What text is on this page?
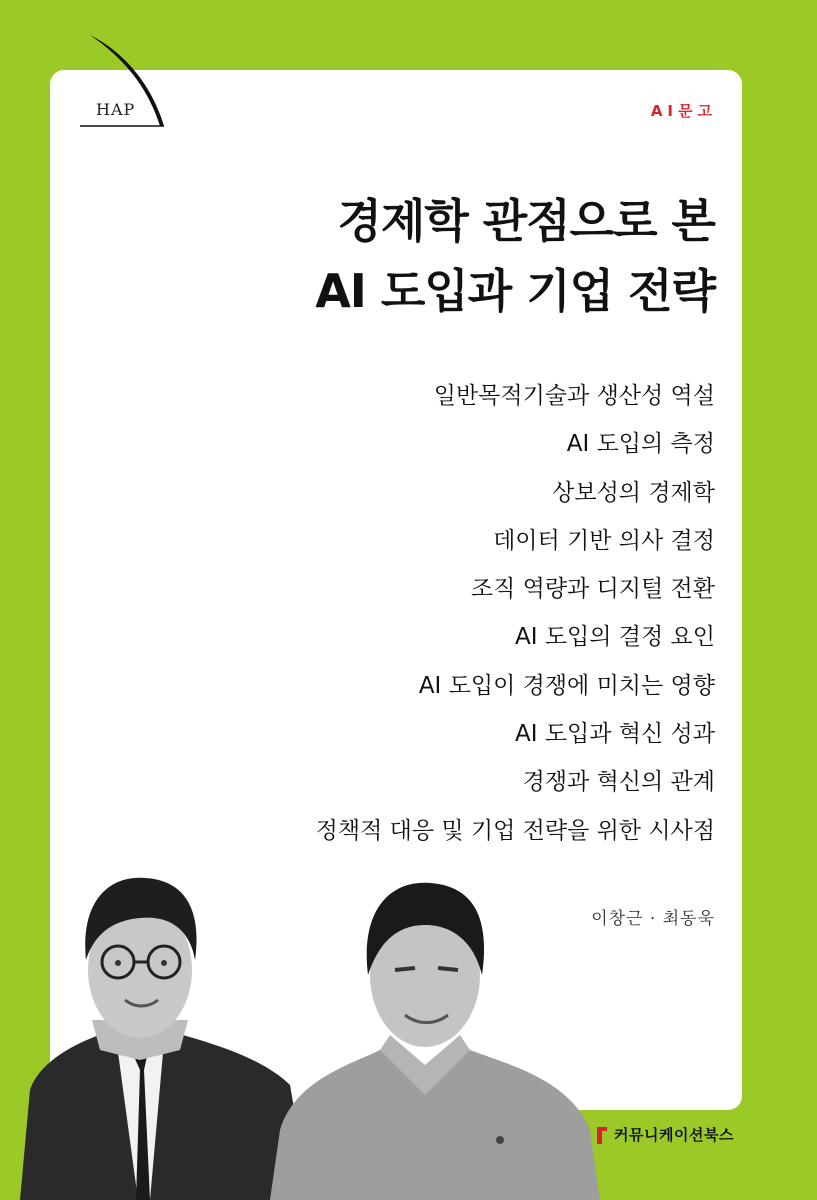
HAP	AI문고
경제학 관점으로 본
AI 도입과 기업 전략
일반목적기술과 생산성 역설
AI 도입의 측정
상보성의 경제학
데이터 기반 의사 결정
조직 역량과 디지털 전환
AI 도입의 결정 요인
AI 도입이 경쟁에 미치는 영향
AI 도입과 혁신 성과
경쟁과 혁신의 관계
정책적 대응 및 기업 전략을 위한 시사점
이창근 · 최동욱
커뮤니케이션북스
